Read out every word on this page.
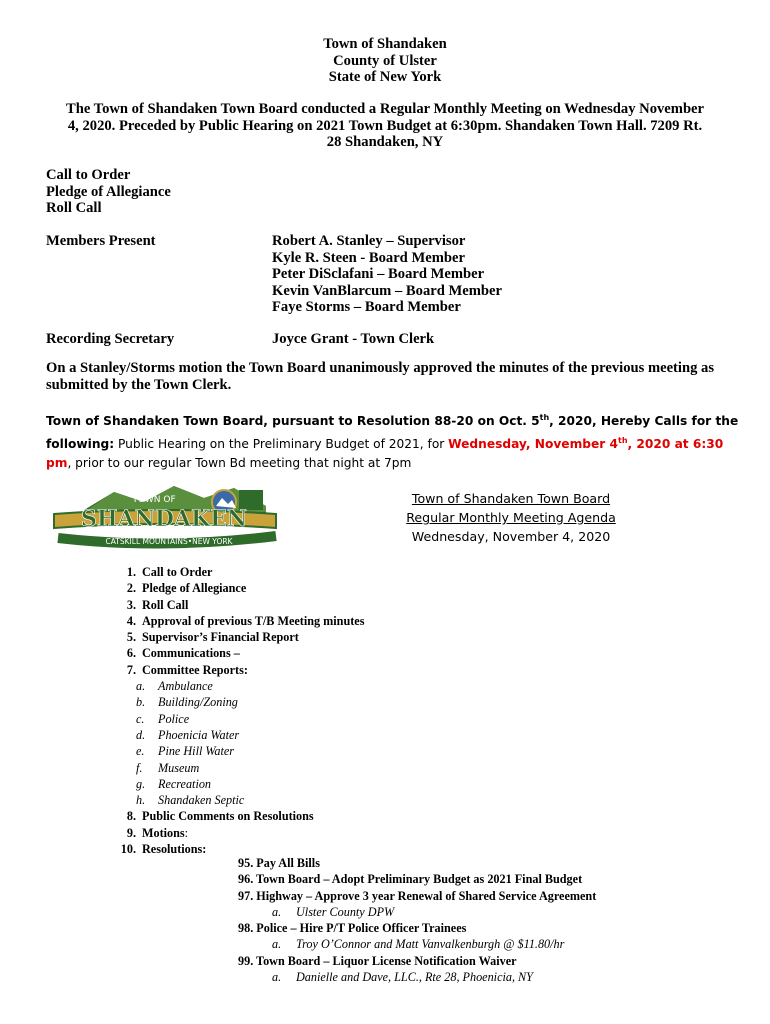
Town of Shandaken
County of Ulster
State of New York
The Town of Shandaken Town Board conducted a Regular Monthly Meeting on Wednesday November 4, 2020. Preceded by Public Hearing on 2021 Town Budget at 6:30pm. Shandaken Town Hall. 7209 Rt. 28 Shandaken, NY
Call to Order
Pledge of Allegiance
Roll Call
Members Present	Robert A. Stanley – Supervisor
Kyle R. Steen - Board Member
Peter DiSclafani – Board Member
Kevin VanBlarcum – Board Member
Faye Storms – Board Member
Recording Secretary	Joyce Grant - Town Clerk
On a Stanley/Storms motion the Town Board unanimously approved the minutes of the previous meeting as submitted by the Town Clerk.
Town of Shandaken Town Board, pursuant to Resolution 88-20 on Oct. 5th, 2020, Hereby Calls for the following: Public Hearing on the Preliminary Budget of 2021, for Wednesday, November 4th, 2020 at 6:30 pm, prior to our regular Town Bd meeting that night at 7pm
SHANDAKEN
TOWN OF
CATSKILL MOUNTAINS•NEW YORK
Town of Shandaken Town Board
Regular Monthly Meeting Agenda
Wednesday, November 4, 2020
1. Call to Order
2. Pledge of Allegiance
3. Roll Call
4. Approval of previous T/B Meeting minutes
5. Supervisor’s Financial Report
6. Communications –
7. Committee Reports:
a. Ambulance
b. Building/Zoning
c. Police
d. Phoenicia Water
e. Pine Hill Water
f. Museum
g. Recreation
h. Shandaken Septic
8. Public Comments on Resolutions
9. Motions:
10. Resolutions:
95. Pay All Bills
96. Town Board – Adopt Preliminary Budget as 2021 Final Budget
97. Highway – Approve 3 year Renewal of Shared Service Agreement
a. Ulster County DPW
98. Police – Hire P/T Police Officer Trainees
a. Troy O’Connor and Matt Vanvalkenburgh @ $11.80/hr
99. Town Board – Liquor License Notification Waiver
a. Danielle and Dave, LLC., Rte 28, Phoenicia, NY
